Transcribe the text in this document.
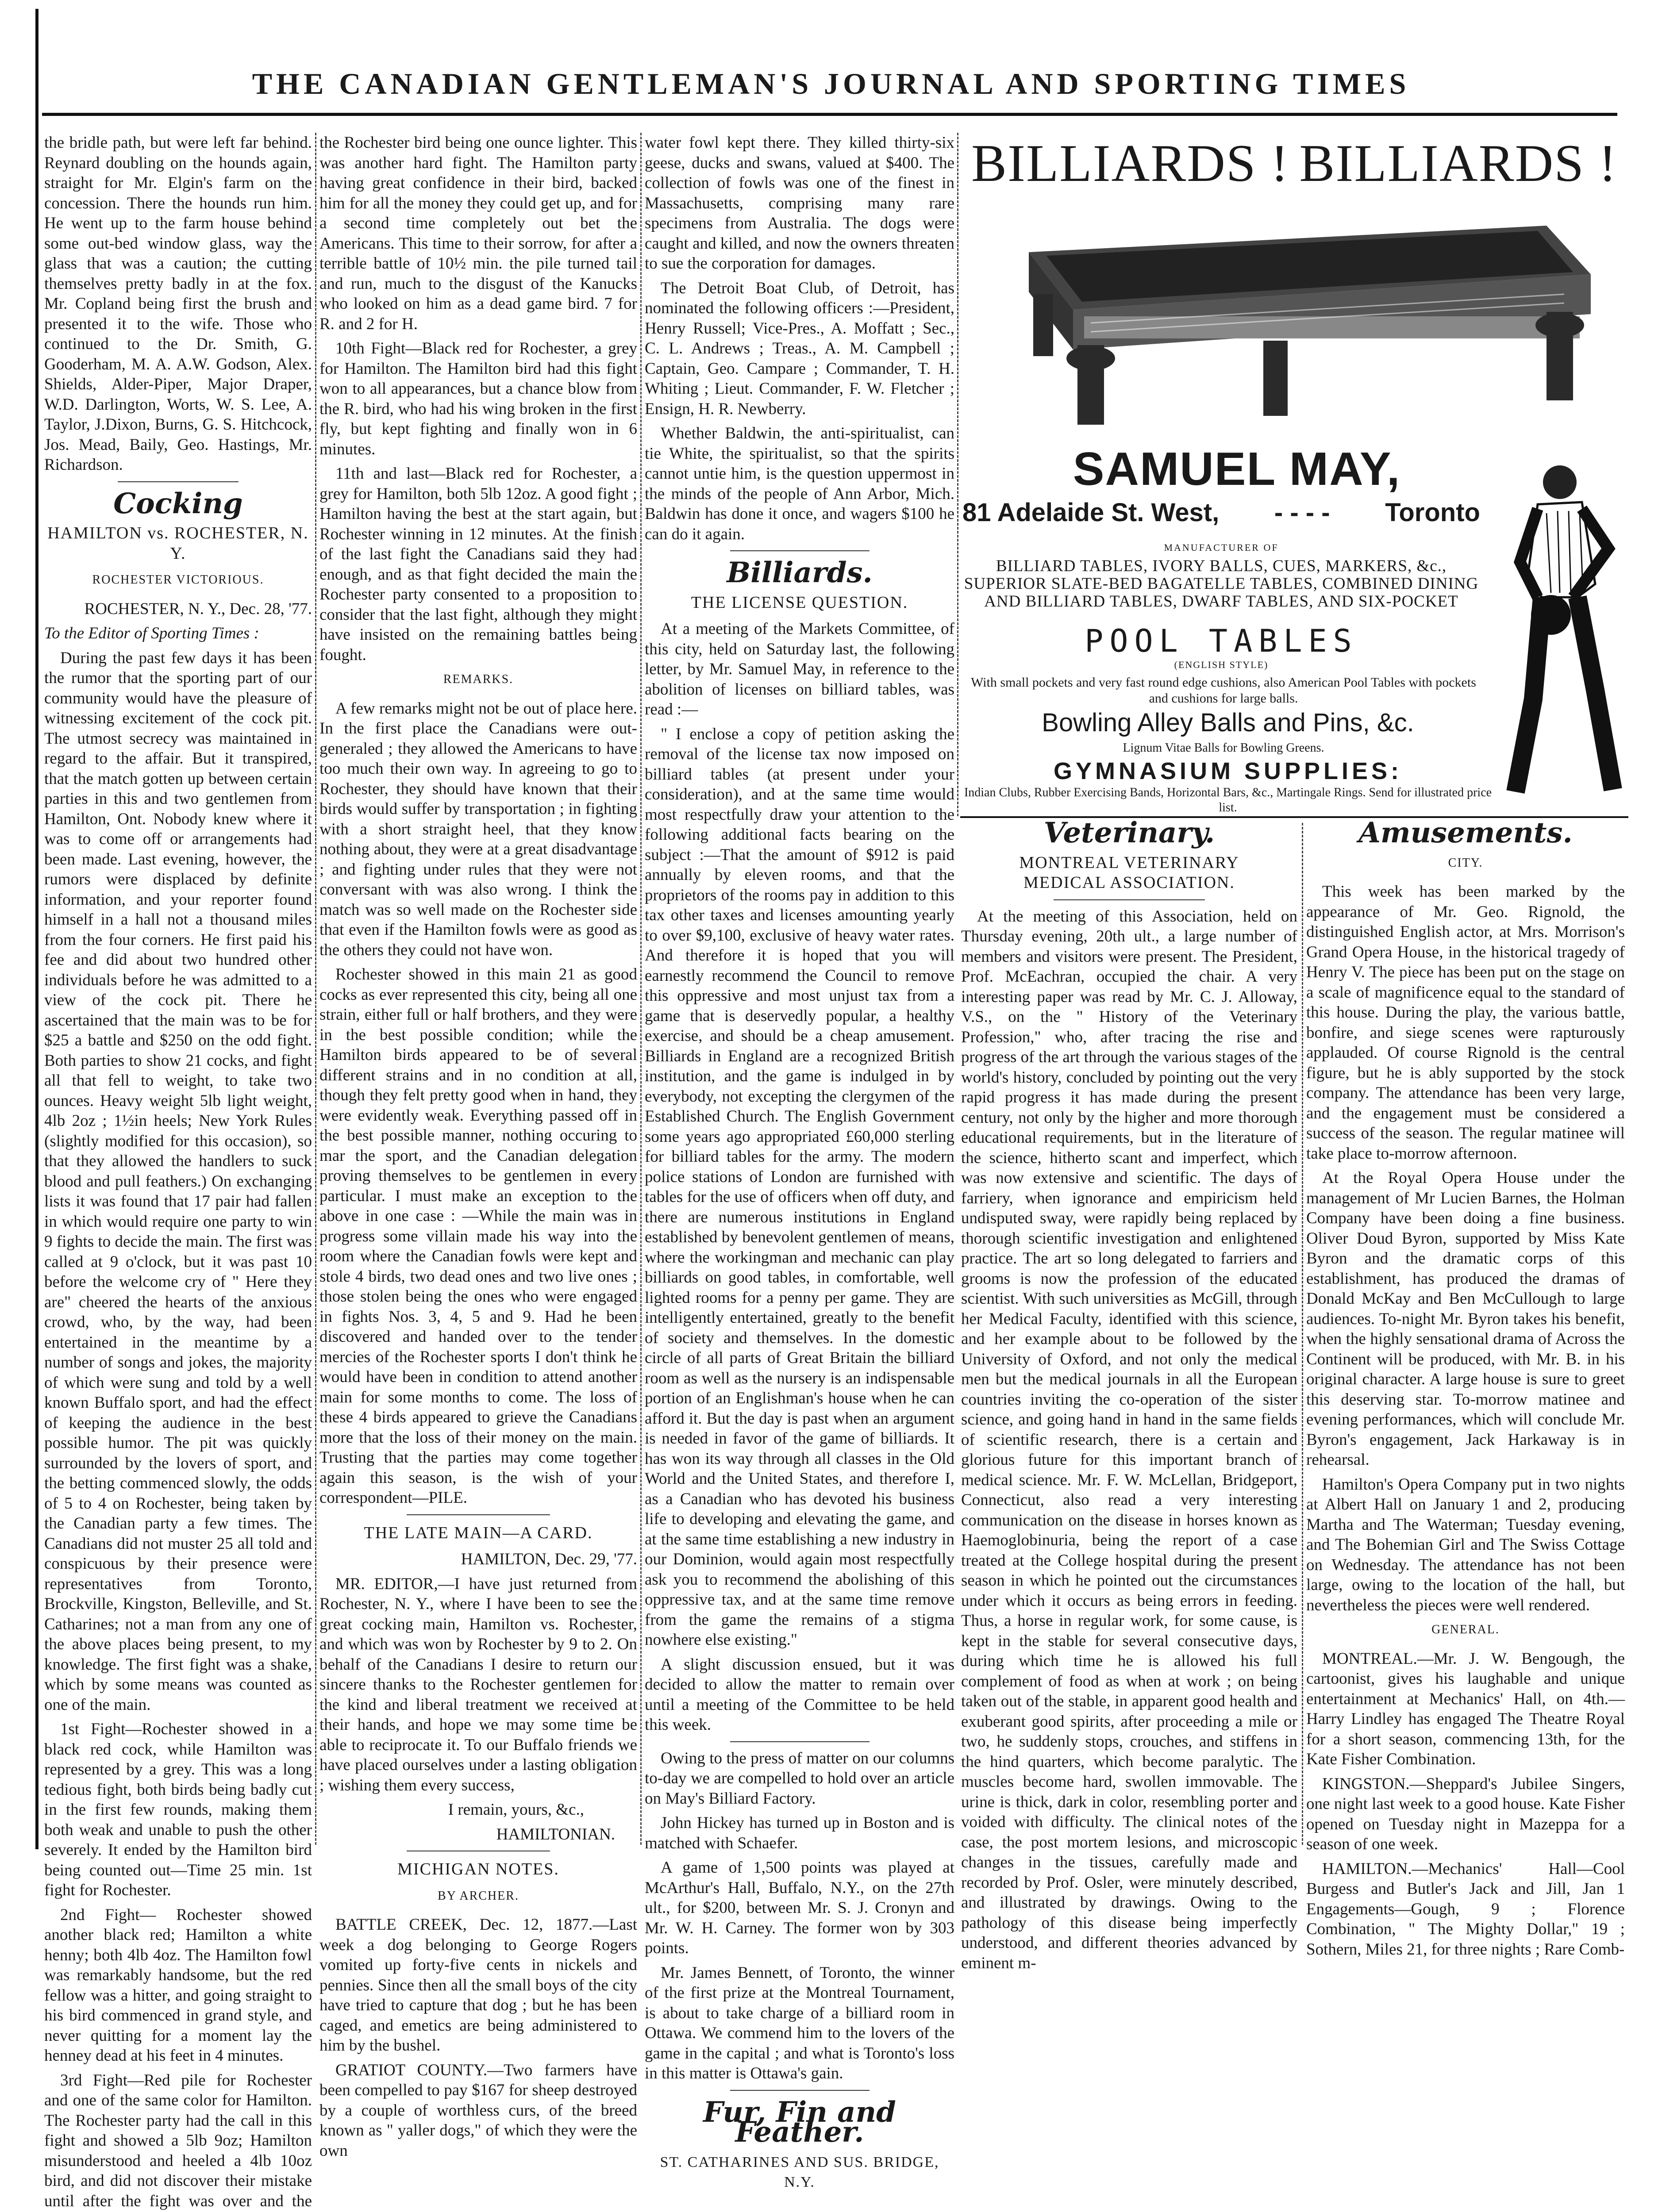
THE CANADIAN GENTLEMAN'S JOURNAL AND SPORTING TIMES

the bridle path, but were left far behind. Reynard doubling on the hounds again, straight for Mr. Elgin's farm on the concession. There the hounds run him. He went up to the farm house behind some out-bed window glass, way the glass that was a caution; the cutting themselves pretty badly in at the fox. Mr. Copland being first the brush and presented it to the wife. Those who continued to the Dr. Smith, G. Gooderham, M. A. A.W. Godson, Alex. Shields, Alder-Piper, Major Draper, W.D. Darlington, Worts, W. S. Lee, A. Taylor, J.Dixon, Burns, G. S. Hitchcock, Jos. Mead, Baily, Geo. Hastings, Mr. Richardson.

Cocking
HAMILTON vs. ROCHESTER, N. Y.
ROCHESTER VICTORIOUS.

ROCHESTER, N. Y., Dec. 28, '77.

To the Editor of Sporting Times :

During the past few days it has been the rumor that the sporting part of our community would have the pleasure of witnessing excitement of the cock pit. The utmost secrecy was maintained in regard to the affair. But it transpired, that the match gotten up between certain parties in this and two gentlemen from Hamilton, Ont. Nobody knew where it was to come off or arrangements had been made. Last evening, however, the rumors were displaced by definite information, and your reporter found himself in a hall not a thousand miles from the four corners. He first paid his fee and did about two hundred other individuals before he was admitted to a view of the cock pit. There he ascertained that the main was to be for $25 a battle and $250 on the odd fight. Both parties to show 21 cocks, and fight all that fell to weight, to take two ounces. Heavy weight 5lb light weight, 4lb 2oz ; 1½in heels; New York Rules (slightly modified for this occasion), so that they allowed the handlers to suck blood and pull feathers.) On exchanging lists it was found that 17 pair had fallen in which would require one party to win 9 fights to decide the main. The first was called at 9 o'clock, but it was past 10 before the welcome cry of " Here they are" cheered the hearts of the anxious crowd, who, by the way, had been entertained in the meantime by a number of songs and jokes, the majority of which were sung and told by a well known Buffalo sport, and had the effect of keeping the audience in the best possible humor. The pit was quickly surrounded by the lovers of sport, and the betting commenced slowly, the odds of 5 to 4 on Rochester, being taken by the Canadian party a few times. The Canadians did not muster 25 all told and conspicuous by their presence were representatives from Toronto, Brockville, Kingston, Belleville, and St. Catharines; not a man from any one of the above places being present, to my knowledge. The first fight was a shake, which by some means was counted as one of the main.

1st Fight—Rochester showed in a black red cock, while Hamilton was represented by a grey. This was a long tedious fight, both birds being badly cut in the first few rounds, making them both weak and unable to push the other severely. It ended by the Hamilton bird being counted out—Time 25 min. 1st fight for Rochester.

2nd Fight— Rochester showed another black red; Hamilton a white henny; both 4lb 4oz. The Hamilton fowl was remarkably handsome, but the red fellow was a hitter, and going straight to his bird commenced in grand style, and never quitting for a moment lay the henney dead at his feet in 4 minutes.

3rd Fight—Red pile for Rochester and one of the same color for Hamilton. The Rochester party had the call in this fight and showed a 5lb 9oz; Hamilton misunderstood and heeled a 4lb 10oz bird, and did not discover their mistake until after the fight was over and the

the Rochester bird being one ounce lighter. This was another hard fight. The Hamilton party having great confidence in their bird, backed him for all the money they could get up, and for a second time completely out bet the Americans. This time to their sorrow, for after a terrible battle of 10½ min. the pile turned tail and run, much to the disgust of the Kanucks who looked on him as a dead game bird. 7 for R. and 2 for H.

10th Fight—Black red for Rochester, a grey for Hamilton. The Hamilton bird had this fight won to all appearances, but a chance blow from the R. bird, who had his wing broken in the first fly, but kept fighting and finally won in 6 minutes.

11th and last—Black red for Rochester, a grey for Hamilton, both 5lb 12oz. A good fight ; Hamilton having the best at the start again, but Rochester winning in 12 minutes. At the finish of the last fight the Canadians said they had enough, and as that fight decided the main the Rochester party consented to a proposition to consider that the last fight, although they might have insisted on the remaining battles being fought.

REMARKS.

A few remarks might not be out of place here. In the first place the Canadians were out-generaled ; they allowed the Americans to have too much their own way. In agreeing to go to Rochester, they should have known that their birds would suffer by transportation ; in fighting with a short straight heel, that they know nothing about, they were at a great disadvantage ; and fighting under rules that they were not conversant with was also wrong. I think the match was so well made on the Rochester side that even if the Hamilton fowls were as good as the others they could not have won.

Rochester showed in this main 21 as good cocks as ever represented this city, being all one strain, either full or half brothers, and they were in the best possible condition; while the Hamilton birds appeared to be of several different strains and in no condition at all, though they felt pretty good when in hand, they were evidently weak. Everything passed off in the best possible manner, nothing occuring to mar the sport, and the Canadian delegation proving themselves to be gentlemen in every particular. I must make an exception to the above in one case : —While the main was in progress some villain made his way into the room where the Canadian fowls were kept and stole 4 birds, two dead ones and two live ones ; those stolen being the ones who were engaged in fights Nos. 3, 4, 5 and 9. Had he been discovered and handed over to the tender mercies of the Rochester sports I don't think he would have been in condition to attend another main for some months to come. The loss of these 4 birds appeared to grieve the Canadians more that the loss of their money on the main. Trusting that the parties may come together again this season, is the wish of your correspondent—PILE.

THE LATE MAIN—A CARD.

HAMILTON, Dec. 29, '77.

MR. EDITOR,—I have just returned from Rochester, N. Y., where I have been to see the great cocking main, Hamilton vs. Rochester, and which was won by Rochester by 9 to 2. On behalf of the Canadians I desire to return our sincere thanks to the Rochester gentlemen for the kind and liberal treatment we received at their hands, and hope we may some time be able to reciprocate it. To our Buffalo friends we have placed ourselves under a lasting obligation ; wishing them every success,

I remain, yours, &c.,

HAMILTONIAN.

MICHIGAN NOTES.
BY ARCHER.

BATTLE CREEK, Dec. 12, 1877.—Last week a dog belonging to George Rogers vomited up forty-five cents in nickels and pennies. Since then all the small boys of the city have tried to capture that dog ; but he has been caged, and emetics are being administered to him by the bushel.

GRATIOT COUNTY.—Two farmers have been compelled to pay $167 for sheep destroyed by a couple of worthless curs, of the breed known as " yaller dogs," of which they were the own

water fowl kept there. They killed thirty-six geese, ducks and swans, valued at $400. The collection of fowls was one of the finest in Massachusetts, comprising many rare specimens from Australia. The dogs were caught and killed, and now the owners threaten to sue the corporation for damages.

The Detroit Boat Club, of Detroit, has nominated the following officers :—President, Henry Russell; Vice-Pres., A. Moffatt ; Sec., C. L. Andrews ; Treas., A. M. Campbell ; Captain, Geo. Campare ; Commander, T. H. Whiting ; Lieut. Commander, F. W. Fletcher ; Ensign, H. R. Newberry.

Whether Baldwin, the anti-spiritualist, can tie White, the spiritualist, so that the spirits cannot untie him, is the question uppermost in the minds of the people of Ann Arbor, Mich. Baldwin has done it once, and wagers $100 he can do it again.

Billiards.
THE LICENSE QUESTION.

At a meeting of the Markets Committee, of this city, held on Saturday last, the following letter, by Mr. Samuel May, in reference to the abolition of licenses on billiard tables, was read :—

" I enclose a copy of petition asking the removal of the license tax now imposed on billiard tables (at present under your consideration), and at the same time would most respectfully draw your attention to the following additional facts bearing on the subject :—That the amount of $912 is paid annually by eleven rooms, and that the proprietors of the rooms pay in addition to this tax other taxes and licenses amounting yearly to over $9,100, exclusive of heavy water rates. And therefore it is hoped that you will earnestly recommend the Council to remove this oppressive and most unjust tax from a game that is deservedly popular, a healthy exercise, and should be a cheap amusement. Billiards in England are a recognized British institution, and the game is indulged in by everybody, not excepting the clergymen of the Established Church. The English Government some years ago appropriated £60,000 sterling for billiard tables for the army. The modern police stations of London are furnished with tables for the use of officers when off duty, and there are numerous institutions in England established by benevolent gentlemen of means, where the workingman and mechanic can play billiards on good tables, in comfortable, well lighted rooms for a penny per game. They are intelligently entertained, greatly to the benefit of society and themselves. In the domestic circle of all parts of Great Britain the billiard room as well as the nursery is an indispensable portion of an Englishman's house when he can afford it. But the day is past when an argument is needed in favor of the game of billiards. It has won its way through all classes in the Old World and the United States, and therefore I, as a Canadian who has devoted his business life to developing and elevating the game, and at the same time establishing a new industry in our Dominion, would again most respectfully ask you to recommend the abolishing of this oppressive tax, and at the same time remove from the game the remains of a stigma nowhere else existing."

A slight discussion ensued, but it was decided to allow the matter to remain over until a meeting of the Committee to be held this week.

Owing to the press of matter on our columns to-day we are compelled to hold over an article on May's Billiard Factory.

John Hickey has turned up in Boston and is matched with Schaefer.

A game of 1,500 points was played at McArthur's Hall, Buffalo, N.Y., on the 27th ult., for $200, between Mr. S. J. Cronyn and Mr. W. H. Carney. The former won by 303 points.

Mr. James Bennett, of Toronto, the winner of the first prize at the Montreal Tournament, is about to take charge of a billiard room in Ottawa. We commend him to the lovers of the game in the capital ; and what is Toronto's loss in this matter is Ottawa's gain.

Fur, Fin and Feather.
ST. CATHARINES AND SUS. BRIDGE, N.Y.
BILLIARDS ! BILLIARDS !
SAMUEL MAY,
81 Adelaide St. West, - - - - Toronto
MANUFACTURER OF
BILLIARD TABLES, IVORY BALLS, CUES, MARKERS, &c., SUPERIOR SLATE-BED BAGATELLE TABLES, COMBINED DINING AND BILLIARD TABLES, DWARF TABLES, AND SIX-POCKET
POOL TABLES
(ENGLISH STYLE)
With small pockets and very fast round edge cushions, also American Pool Tables with pockets and cushions for large balls.
Bowling Alley Balls and Pins, &c.
Lignum Vitae Balls for Bowling Greens.
GYMNASIUM SUPPLIES:
Indian Clubs, Rubber Exercising Bands, Horizontal Bars, &c., Martingale Rings. Send for illustrated price list.
Veterinary.
MONTREAL VETERINARY MEDICAL ASSOCIATION.

At the meeting of this Association, held on Thursday evening, 20th ult., a large number of members and visitors were present. The President, Prof. McEachran, occupied the chair. A very interesting paper was read by Mr. C. J. Alloway, V.S., on the " History of the Veterinary Profession," who, after tracing the rise and progress of the art through the various stages of the world's history, concluded by pointing out the very rapid progress it has made during the present century, not only by the higher and more thorough educational requirements, but in the literature of the science, hitherto scant and imperfect, which was now extensive and scientific. The days of farriery, when ignorance and empiricism held undisputed sway, were rapidly being replaced by thorough scientific investigation and enlightened practice. The art so long delegated to farriers and grooms is now the profession of the educated scientist. With such universities as McGill, through her Medical Faculty, identified with this science, and her example about to be followed by the University of Oxford, and not only the medical men but the medical journals in all the European countries inviting the co-operation of the sister science, and going hand in hand in the same fields of scientific research, there is a certain and glorious future for this important branch of medical science. Mr. F. W. McLellan, Bridgeport, Connecticut, also read a very interesting communication on the disease in horses known as Haemoglobinuria, being the report of a case treated at the College hospital during the present season in which he pointed out the circumstances under which it occurs as being errors in feeding. Thus, a horse in regular work, for some cause, is kept in the stable for several consecutive days, during which time he is allowed his full complement of food as when at work ; on being taken out of the stable, in apparent good health and exuberant good spirits, after proceeding a mile or two, he suddenly stops, crouches, and stiffens in the hind quarters, which become paralytic. The muscles become hard, swollen immovable. The urine is thick, dark in color, resembling porter and voided with difficulty. The clinical notes of the case, the post mortem lesions, and microscopic changes in the tissues, carefully made and recorded by Prof. Osler, were minutely described, and illustrated by drawings. Owing to the pathology of this disease being imperfectly understood, and different theories advanced by eminent m-

Amusements.
CITY.

This week has been marked by the appearance of Mr. Geo. Rignold, the distinguished English actor, at Mrs. Morrison's Grand Opera House, in the historical tragedy of Henry V. The piece has been put on the stage on a scale of magnificence equal to the standard of this house. During the play, the various battle, bonfire, and siege scenes were rapturously applauded. Of course Rignold is the central figure, but he is ably supported by the stock company. The attendance has been very large, and the engagement must be considered a success of the season. The regular matinee will take place to-morrow afternoon.

At the Royal Opera House under the management of Mr Lucien Barnes, the Holman Company have been doing a fine business. Oliver Doud Byron, supported by Miss Kate Byron and the dramatic corps of this establishment, has produced the dramas of Donald McKay and Ben McCullough to large audiences. To-night Mr. Byron takes his benefit, when the highly sensational drama of Across the Continent will be produced, with Mr. B. in his original character. A large house is sure to greet this deserving star. To-morrow matinee and evening performances, which will conclude Mr. Byron's engagement, Jack Harkaway is in rehearsal.

Hamilton's Opera Company put in two nights at Albert Hall on January 1 and 2, producing Martha and The Waterman; Tuesday evening, and The Bohemian Girl and The Swiss Cottage on Wednesday. The attendance has not been large, owing to the location of the hall, but nevertheless the pieces were well rendered.

GENERAL.

MONTREAL.—Mr. J. W. Bengough, the cartoonist, gives his laughable and unique entertainment at Mechanics' Hall, on 4th.— Harry Lindley has engaged The Theatre Royal for a short season, commencing 13th, for the Kate Fisher Combination.

KINGSTON.—Sheppard's Jubilee Singers, one night last week to a good house. Kate Fisher opened on Tuesday night in Mazeppa for a season of one week.

HAMILTON.—Mechanics' Hall—Cool Burgess and Butler's Jack and Jill, Jan 1 Engagements—Gough, 9 ; Florence Combination, " The Mighty Dollar," 19 ; Sothern, Miles 21, for three nights ; Rare Comb-
